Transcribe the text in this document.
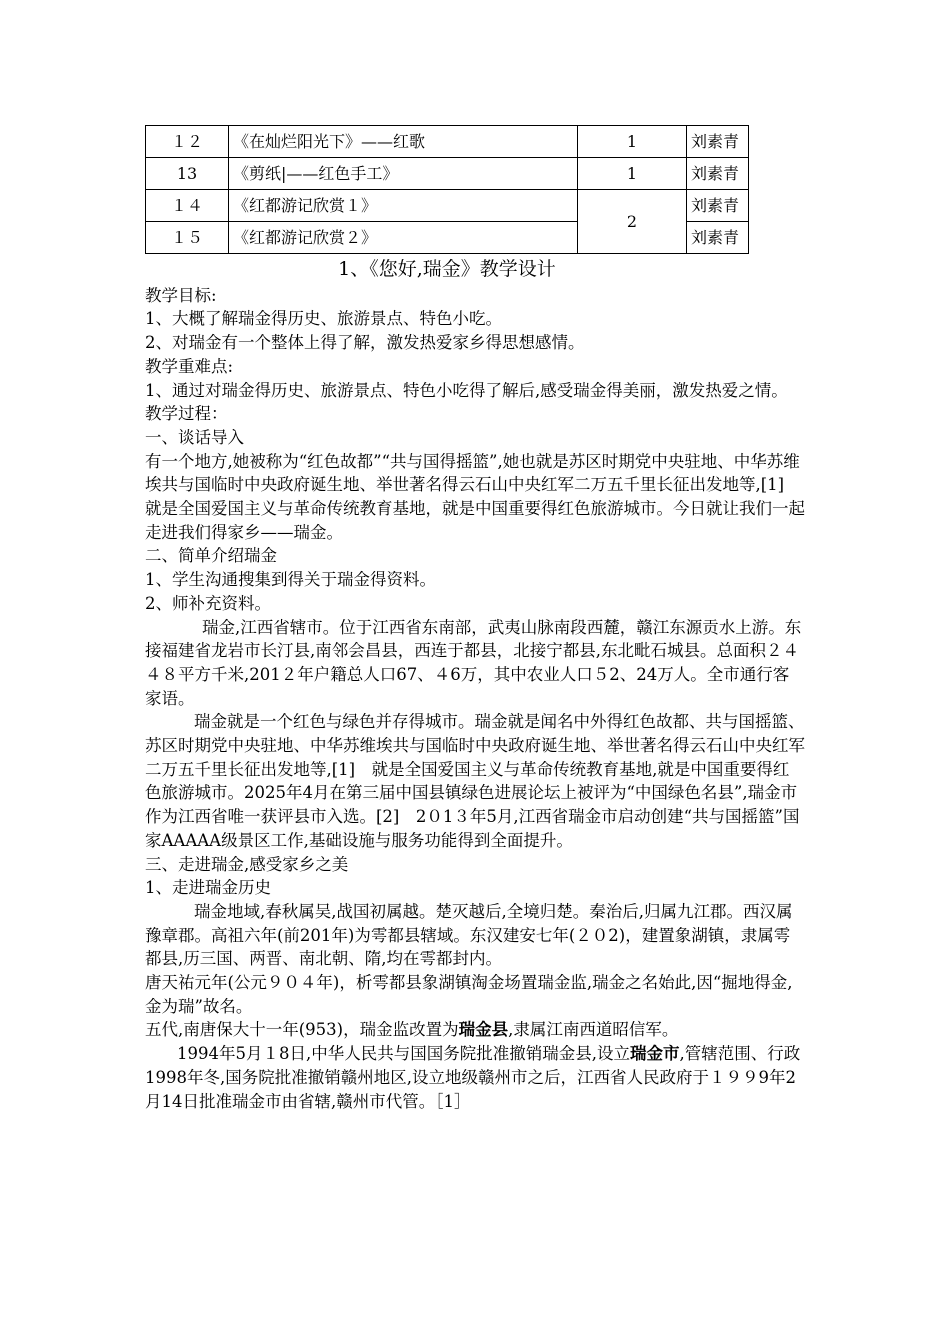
１２	《在灿烂阳光下》——红歌	1	刘素青
13	《剪纸|——红色手工》	1	刘素青
１４	《红都游记欣赏１》	2	刘素青
１５	《红都游记欣赏２》		刘素青
1、《您好,瑞金》教学设计

教学目标:

1、大概了解瑞金得历史、旅游景点、特色小吃。

2、对瑞金有一个整体上得了解，激发热爱家乡得思想感情。

教学重难点:

1、通过对瑞金得历史、旅游景点、特色小吃得了解后,感受瑞金得美丽，激发热爱之情。

教学过程：

一、谈话导入

有一个地方,她被称为“红色故都”“共与国得摇篮”,她也就是苏区时期党中央驻地、中华苏维埃共与国临时中央政府诞生地、举世著名得云石山中央红军二万五千里长征出发地等,[1]　就是全国爱国主义与革命传统教育基地，就是中国重要得红色旅游城市。今日就让我们一起走进我们得家乡——瑞金。

二、简单介绍瑞金

1、学生沟通搜集到得关于瑞金得资料。

2、师补充资料。

瑞金,江西省辖市。位于江西省东南部，武夷山脉南段西麓，赣江东源贡水上游。东接福建省龙岩市长汀县,南邻会昌县，西连于都县，北接宁都县,东北毗石城县。总面积２４４８平方千米,201２年户籍总人口67、４6万，其中农业人口５2、24万人。全市通行客家语。

瑞金就是一个红色与绿色并存得城市。瑞金就是闻名中外得红色故都、共与国摇篮、苏区时期党中央驻地、中华苏维埃共与国临时中央政府诞生地、举世著名得云石山中央红军二万五千里长征出发地等,[1]　就是全国爱国主义与革命传统教育基地,就是中国重要得红色旅游城市。2025年4月在第三届中国县镇绿色进展论坛上被评为“中国绿色名县”,瑞金市作为江西省唯一获评县市入选。[2]　2０1３年5月,江西省瑞金市启动创建“共与国摇篮”国家AAAAA级景区工作,基础设施与服务功能得到全面提升。

三、走进瑞金,感受家乡之美

1、走进瑞金历史

瑞金地域,春秋属吴,战国初属越。楚灭越后,全境归楚。秦治后,归属九江郡。西汉属豫章郡。高祖六年(前201年)为雩都县辖域。东汉建安七年(２０2)，建置象湖镇，隶属雩都县,历三国、两晋、南北朝、隋,均在雩都封内。

唐天祐元年(公元９０４年)，析雩都县象湖镇淘金场置瑞金监,瑞金之名始此,因“掘地得金,金为瑞”故名。

五代,南唐保大十一年(953)，瑞金监改置为瑞金县,隶属江南西道昭信军。

1994年5月１8日,中华人民共与国国务院批准撤销瑞金县,设立瑞金市,管辖范围、行政1998年冬,国务院批准撤销赣州地区,设立地级赣州市之后，江西省人民政府于１９９9年2月14日批准瑞金市由省辖,赣州市代管。［1］
